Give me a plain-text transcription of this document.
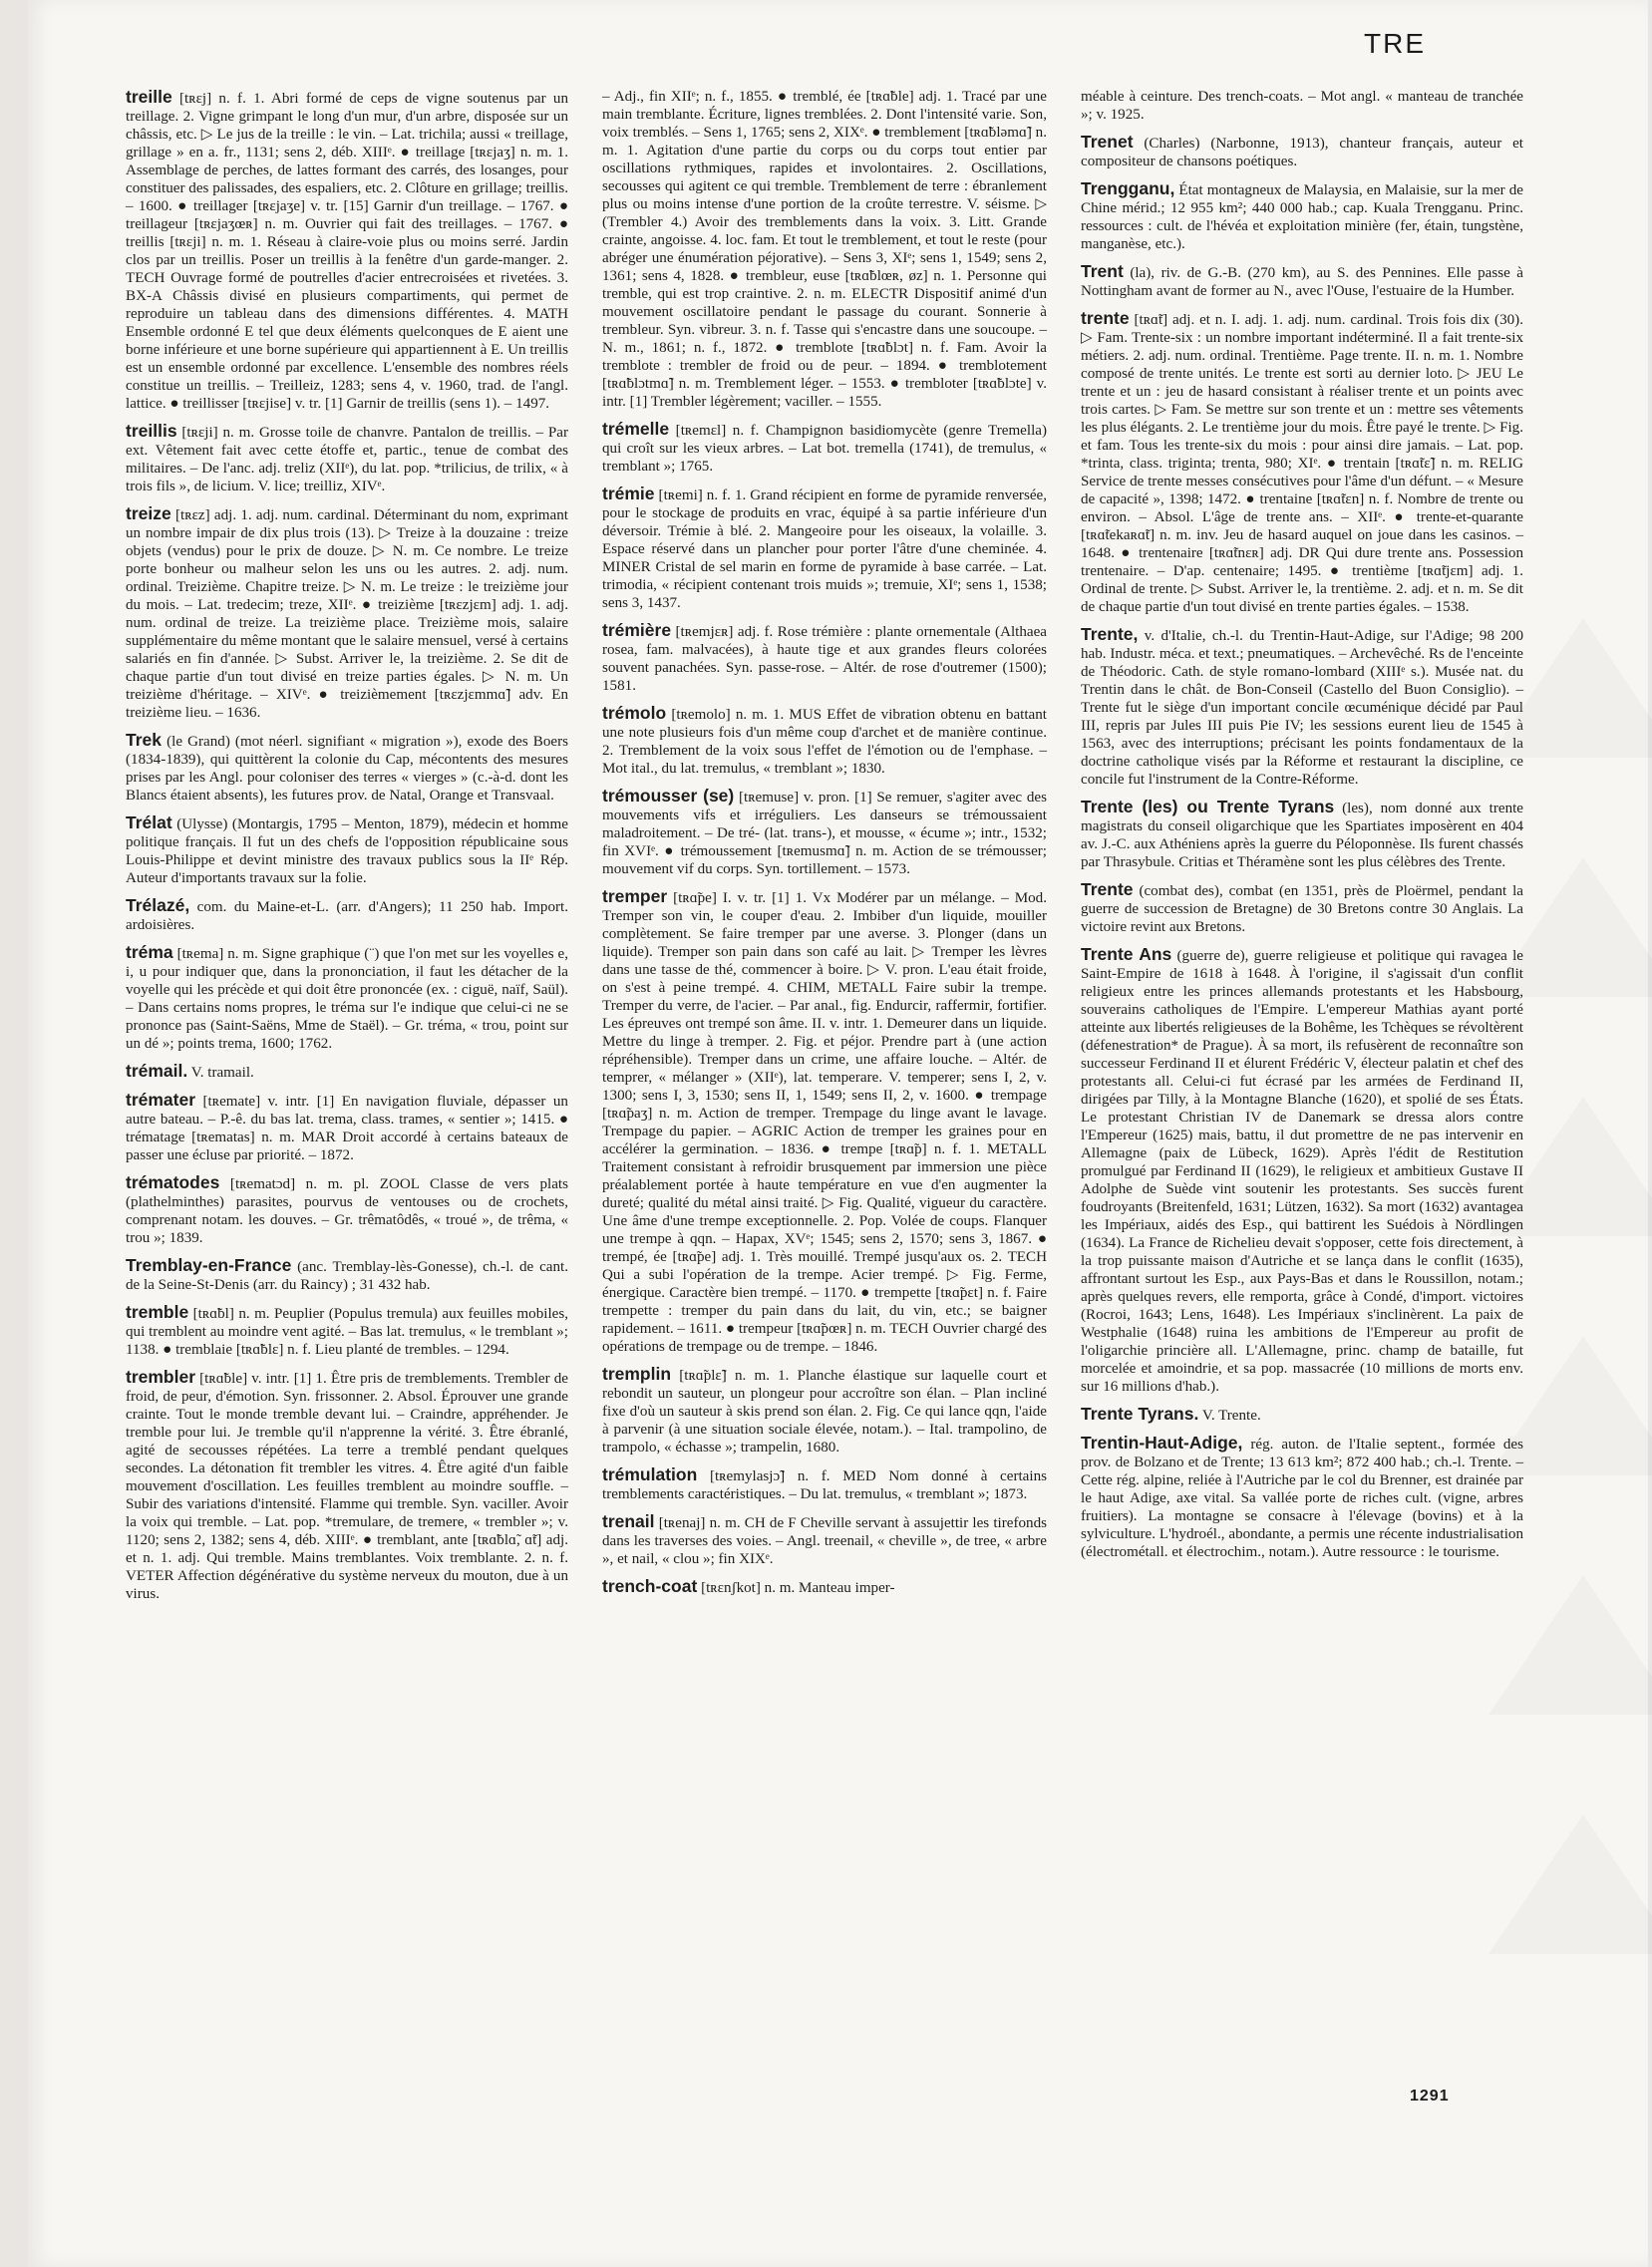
TRE

treille [tʀɛj] n. f. 1. Abri formé de ceps de vigne soutenus par un treillage. 2. Vigne grimpant le long d'un mur, d'un arbre, disposée sur un châssis, etc. ▷ Le jus de la treille : le vin. – Lat. trichila; aussi « treillage, grillage » en a. fr., 1131; sens 2, déb. XIIIᵉ. ● treillage [tʀɛjaʒ] n. m. 1. Assemblage de perches, de lattes formant des carrés, des losanges, pour constituer des palissades, des espaliers, etc. 2. Clôture en grillage; treillis. – 1600. ● treillager [tʀɛjaʒe] v. tr. [15] Garnir d'un treillage. – 1767. ● treillageur [tʀɛjaʒœʀ] n. m. Ouvrier qui fait des treillages. – 1767. ● treillis [tʀɛji] n. m. 1. Réseau à claire-voie plus ou moins serré. Jardin clos par un treillis. Poser un treillis à la fenêtre d'un garde-manger. 2. TECH Ouvrage formé de poutrelles d'acier entrecroisées et rivetées. 3. BX-A Châssis divisé en plusieurs compartiments, qui permet de reproduire un tableau dans des dimensions différentes. 4. MATH Ensemble ordonné E tel que deux éléments quelconques de E aient une borne inférieure et une borne supérieure qui appartiennent à E. Un treillis est un ensemble ordonné par excellence. L'ensemble des nombres réels constitue un treillis. – Treilleiz, 1283; sens 4, v. 1960, trad. de l'angl. lattice. ● treillisser [tʀɛjise] v. tr. [1] Garnir de treillis (sens 1). – 1497.

treillis [tʀɛji] n. m. Grosse toile de chanvre. Pantalon de treillis. – Par ext. Vêtement fait avec cette étoffe et, partic., tenue de combat des militaires. – De l'anc. adj. treliz (XIIᵉ), du lat. pop. *trilicius, de trilix, « à trois fils », de licium. V. lice; treilliz, XIVᵉ.

treize [tʀɛz] adj. 1. adj. num. cardinal. Déterminant du nom, exprimant un nombre impair de dix plus trois (13). ▷ Treize à la douzaine : treize objets (vendus) pour le prix de douze. ▷ N. m. Ce nombre. Le treize porte bonheur ou malheur selon les uns ou les autres. 2. adj. num. ordinal. Treizième. Chapitre treize. ▷ N. m. Le treize : le treizième jour du mois. – Lat. tredecim; treze, XIIᵉ. ● treizième [tʀɛzjɛm] adj. 1. adj. num. ordinal de treize. La treizième place. Treizième mois, salaire supplémentaire du même montant que le salaire mensuel, versé à certains salariés en fin d'année. ▷ Subst. Arriver le, la treizième. 2. Se dit de chaque partie d'un tout divisé en treize parties égales. ▷ N. m. Un treizième d'héritage. – XIVᵉ. ● treizièmement [tʀɛzjɛmmɑ̃] adv. En treizième lieu. – 1636.

Trek (le Grand) (mot néerl. signifiant « migration »), exode des Boers (1834-1839), qui quittèrent la colonie du Cap, mécontents des mesures prises par les Angl. pour coloniser des terres « vierges » (c.-à-d. dont les Blancs étaient absents), les futures prov. de Natal, Orange et Transvaal.

Trélat (Ulysse) (Montargis, 1795 – Menton, 1879), médecin et homme politique français. Il fut un des chefs de l'opposition républicaine sous Louis-Philippe et devint ministre des travaux publics sous la IIᵉ Rép. Auteur d'importants travaux sur la folie.

Trélazé, com. du Maine-et-L. (arr. d'Angers); 11 250 hab. Import. ardoisières.

tréma [tʀema] n. m. Signe graphique (¨) que l'on met sur les voyelles e, i, u pour indiquer que, dans la prononciation, il faut les détacher de la voyelle qui les précède et qui doit être prononcée (ex. : ciguë, naïf, Saül). – Dans certains noms propres, le tréma sur l'e indique que celui-ci ne se prononce pas (Saint-Saëns, Mme de Staël). – Gr. tréma, « trou, point sur un dé »; points trema, 1600; 1762.

trémail. V. tramail.

trémater [tʀemate] v. intr. [1] En navigation fluviale, dépasser un autre bateau. – P.-ê. du bas lat. trema, class. trames, « sentier »; 1415. ● trématage [tʀematas] n. m. MAR Droit accordé à certains bateaux de passer une écluse par priorité. – 1872.

trématodes [tʀematɔd] n. m. pl. ZOOL Classe de vers plats (plathelminthes) parasites, pourvus de ventouses ou de crochets, comprenant notam. les douves. – Gr. trêmatôdês, « troué », de trêma, « trou »; 1839.

Tremblay-en-France (anc. Tremblay-lès-Gonesse), ch.-l. de cant. de la Seine-St-Denis (arr. du Raincy) ; 31 432 hab.

tremble [tʀɑ̃bl] n. m. Peuplier (Populus tremula) aux feuilles mobiles, qui tremblent au moindre vent agité. – Bas lat. tremulus, « le tremblant »; 1138. ● tremblaie [tʀɑ̃blɛ] n. f. Lieu planté de trembles. – 1294.

trembler [tʀɑ̃ble] v. intr. [1] 1. Être pris de tremblements. Trembler de froid, de peur, d'émotion. Syn. frissonner. 2. Absol. Éprouver une grande crainte. Tout le monde tremble devant lui. – Craindre, appréhender. Je tremble pour lui. Je tremble qu'il n'apprenne la vérité. 3. Être ébranlé, agité de secousses répétées. La terre a tremblé pendant quelques secondes. La détonation fit trembler les vitres. 4. Être agité d'un faible mouvement d'oscillation. Les feuilles tremblent au moindre souffle. – Subir des variations d'intensité. Flamme qui tremble. Syn. vaciller. Avoir la voix qui tremble. – Lat. pop. *tremulare, de tremere, « trembler »; v. 1120; sens 2, 1382; sens 4, déb. XIIIᵉ. ● tremblant, ante [tʀɑ̃blɑ̃, ɑ̃t] adj. et n. 1. adj. Qui tremble. Mains tremblantes. Voix tremblante. 2. n. f. VETER Affection dégénérative du système nerveux du mouton, due à un virus.

– Adj., fin XIIᵉ; n. f., 1855. ● tremblé, ée [tʀɑ̃ble] adj. 1. Tracé par une main tremblante. Écriture, lignes tremblées. 2. Dont l'intensité varie. Son, voix tremblés. – Sens 1, 1765; sens 2, XIXᵉ. ● tremblement [tʀɑ̃bləmɑ̃] n. m. 1. Agitation d'une partie du corps ou du corps tout entier par oscillations rythmiques, rapides et involontaires. 2. Oscillations, secousses qui agitent ce qui tremble. Tremblement de terre : ébranlement plus ou moins intense d'une portion de la croûte terrestre. V. séisme. ▷ (Trembler 4.) Avoir des tremblements dans la voix. 3. Litt. Grande crainte, angoisse. 4. loc. fam. Et tout le tremblement, et tout le reste (pour abréger une énumération péjorative). – Sens 3, XIᵉ; sens 1, 1549; sens 2, 1361; sens 4, 1828. ● trembleur, euse [tʀɑ̃blœʀ, øz] n. 1. Personne qui tremble, qui est trop craintive. 2. n. m. ELECTR Dispositif animé d'un mouvement oscillatoire pendant le passage du courant. Sonnerie à trembleur. Syn. vibreur. 3. n. f. Tasse qui s'encastre dans une soucoupe. – N. m., 1861; n. f., 1872. ● tremblote [tʀɑ̃blɔt] n. f. Fam. Avoir la tremblote : trembler de froid ou de peur. – 1894. ● tremblotement [tʀɑ̃blɔtmɑ̃] n. m. Tremblement léger. – 1553. ● trembloter [tʀɑ̃blɔte] v. intr. [1] Trembler légèrement; vaciller. – 1555.

trémelle [tʀemɛl] n. f. Champignon basidiomycète (genre Tremella) qui croît sur les vieux arbres. – Lat bot. tremella (1741), de tremulus, « tremblant »; 1765.

trémie [tʀemi] n. f. 1. Grand récipient en forme de pyramide renversée, pour le stockage de produits en vrac, équipé à sa partie inférieure d'un déversoir. Trémie à blé. 2. Mangeoire pour les oiseaux, la volaille. 3. Espace réservé dans un plancher pour porter l'âtre d'une cheminée. 4. MINER Cristal de sel marin en forme de pyramide à base carrée. – Lat. trimodia, « récipient contenant trois muids »; tremuie, XIᵉ; sens 1, 1538; sens 3, 1437.

trémière [tʀemjɛʀ] adj. f. Rose trémière : plante ornementale (Althaea rosea, fam. malvacées), à haute tige et aux grandes fleurs colorées souvent panachées. Syn. passe-rose. – Altér. de rose d'outremer (1500); 1581.

trémolo [tʀemolo] n. m. 1. MUS Effet de vibration obtenu en battant une note plusieurs fois d'un même coup d'archet et de manière continue. 2. Tremblement de la voix sous l'effet de l'émotion ou de l'emphase. – Mot ital., du lat. tremulus, « tremblant »; 1830.

trémousser (se) [tʀemuse] v. pron. [1] Se remuer, s'agiter avec des mouvements vifs et irréguliers. Les danseurs se trémoussaient maladroitement. – De tré- (lat. trans-), et mousse, « écume »; intr., 1532; fin XVIᵉ. ● trémoussement [tʀemusmɑ̃] n. m. Action de se trémousser; mouvement vif du corps. Syn. tortillement. – 1573.

tremper [tʀɑ̃pe] I. v. tr. [1] 1. Vx Modérer par un mélange. – Mod. Tremper son vin, le couper d'eau. 2. Imbiber d'un liquide, mouiller complètement. Se faire tremper par une averse. 3. Plonger (dans un liquide). Tremper son pain dans son café au lait. ▷ Tremper les lèvres dans une tasse de thé, commencer à boire. ▷ V. pron. L'eau était froide, on s'est à peine trempé. 4. CHIM, METALL Faire subir la trempe. Tremper du verre, de l'acier. – Par anal., fig. Endurcir, raffermir, fortifier. Les épreuves ont trempé son âme. II. v. intr. 1. Demeurer dans un liquide. Mettre du linge à tremper. 2. Fig. et péjor. Prendre part à (une action répréhensible). Tremper dans un crime, une affaire louche. – Altér. de temprer, « mélanger » (XIIᵉ), lat. temperare. V. temperer; sens I, 2, v. 1300; sens I, 3, 1530; sens II, 1, 1549; sens II, 2, v. 1600. ● trempage [tʀɑ̃paʒ] n. m. Action de tremper. Trempage du linge avant le lavage. Trempage du papier. – AGRIC Action de tremper les graines pour en accélérer la germination. – 1836. ● trempe [tʀɑ̃p] n. f. 1. METALL Traitement consistant à refroidir brusquement par immersion une pièce préalablement portée à haute température en vue d'en augmenter la dureté; qualité du métal ainsi traité. ▷ Fig. Qualité, vigueur du caractère. Une âme d'une trempe exceptionnelle. 2. Pop. Volée de coups. Flanquer une trempe à qqn. – Hapax, XVᵉ; 1545; sens 2, 1570; sens 3, 1867. ● trempé, ée [tʀɑ̃pe] adj. 1. Très mouillé. Trempé jusqu'aux os. 2. TECH Qui a subi l'opération de la trempe. Acier trempé. ▷ Fig. Ferme, énergique. Caractère bien trempé. – 1170. ● trempette [tʀɑ̃pɛt] n. f. Faire trempette : tremper du pain dans du lait, du vin, etc.; se baigner rapidement. – 1611. ● trempeur [tʀɑ̃pœʀ] n. m. TECH Ouvrier chargé des opérations de trempage ou de trempe. – 1846.

tremplin [tʀɑ̃plɛ̃] n. m. 1. Planche élastique sur laquelle court et rebondit un sauteur, un plongeur pour accroître son élan. – Plan incliné fixe d'où un sauteur à skis prend son élan. 2. Fig. Ce qui lance qqn, l'aide à parvenir (à une situation sociale élevée, notam.). – Ital. trampolino, de trampolo, « échasse »; trampelin, 1680.

trémulation [tʀemylasjɔ̃] n. f. MED Nom donné à certains tremblements caractéristiques. – Du lat. tremulus, « tremblant »; 1873.

trenail [tʀenaj] n. m. CH de F Cheville servant à assujettir les tirefonds dans les traverses des voies. – Angl. treenail, « cheville », de tree, « arbre », et nail, « clou »; fin XIXᵉ.

trench-coat [tʀɛnʃkot] n. m. Manteau imper-

méable à ceinture. Des trench-coats. – Mot angl. « manteau de tranchée »; v. 1925.

Trenet (Charles) (Narbonne, 1913), chanteur français, auteur et compositeur de chansons poétiques.

Trengganu, État montagneux de Malaysia, en Malaisie, sur la mer de Chine mérid.; 12 955 km²; 440 000 hab.; cap. Kuala Trengganu. Princ. ressources : cult. de l'hévéa et exploitation minière (fer, étain, tungstène, manganèse, etc.).

Trent (la), riv. de G.-B. (270 km), au S. des Pennines. Elle passe à Nottingham avant de former au N., avec l'Ouse, l'estuaire de la Humber.

trente [tʀɑ̃t] adj. et n. I. adj. 1. adj. num. cardinal. Trois fois dix (30). ▷ Fam. Trente-six : un nombre important indéterminé. Il a fait trente-six métiers. 2. adj. num. ordinal. Trentième. Page trente. II. n. m. 1. Nombre composé de trente unités. Le trente est sorti au dernier loto. ▷ JEU Le trente et un : jeu de hasard consistant à réaliser trente et un points avec trois cartes. ▷ Fam. Se mettre sur son trente et un : mettre ses vêtements les plus élégants. 2. Le trentième jour du mois. Être payé le trente. ▷ Fig. et fam. Tous les trente-six du mois : pour ainsi dire jamais. – Lat. pop. *trinta, class. triginta; trenta, 980; XIᵉ. ● trentain [tʀɑ̃tɛ̃] n. m. RELIG Service de trente messes consécutives pour l'âme d'un défunt. – « Mesure de capacité », 1398; 1472. ● trentaine [tʀɑ̃tɛn] n. f. Nombre de trente ou environ. – Absol. L'âge de trente ans. – XIIᵉ. ● trente-et-quarante [tʀɑ̃tekaʀɑ̃t] n. m. inv. Jeu de hasard auquel on joue dans les casinos. – 1648. ● trentenaire [tʀɑ̃tnɛʀ] adj. DR Qui dure trente ans. Possession trentenaire. – D'ap. centenaire; 1495. ● trentième [tʀɑ̃tjɛm] adj. 1. Ordinal de trente. ▷ Subst. Arriver le, la trentième. 2. adj. et n. m. Se dit de chaque partie d'un tout divisé en trente parties égales. – 1538.

Trente, v. d'Italie, ch.-l. du Trentin-Haut-Adige, sur l'Adige; 98 200 hab. Industr. méca. et text.; pneumatiques. – Archevêché. Rs de l'enceinte de Théodoric. Cath. de style romano-lombard (XIIIᵉ s.). Musée nat. du Trentin dans le chât. de Bon-Conseil (Castello del Buon Consiglio). – Trente fut le siège d'un important concile œcuménique décidé par Paul III, repris par Jules III puis Pie IV; les sessions eurent lieu de 1545 à 1563, avec des interruptions; précisant les points fondamentaux de la doctrine catholique visés par la Réforme et restaurant la discipline, ce concile fut l'instrument de la Contre-Réforme.

Trente (les) ou Trente Tyrans (les), nom donné aux trente magistrats du conseil oligarchique que les Spartiates imposèrent en 404 av. J.-C. aux Athéniens après la guerre du Péloponnèse. Ils furent chassés par Thrasybule. Critias et Théramène sont les plus célèbres des Trente.

Trente (combat des), combat (en 1351, près de Ploërmel, pendant la guerre de succession de Bretagne) de 30 Bretons contre 30 Anglais. La victoire revint aux Bretons.

Trente Ans (guerre de), guerre religieuse et politique qui ravagea le Saint-Empire de 1618 à 1648. À l'origine, il s'agissait d'un conflit religieux entre les princes allemands protestants et les Habsbourg, souverains catholiques de l'Empire. L'empereur Mathias ayant porté atteinte aux libertés religieuses de la Bohême, les Tchèques se révoltèrent (défenestration* de Prague). À sa mort, ils refusèrent de reconnaître son successeur Ferdinand II et élurent Frédéric V, électeur palatin et chef des protestants all. Celui-ci fut écrasé par les armées de Ferdinand II, dirigées par Tilly, à la Montagne Blanche (1620), et spolié de ses États. Le protestant Christian IV de Danemark se dressa alors contre l'Empereur (1625) mais, battu, il dut promettre de ne pas intervenir en Allemagne (paix de Lübeck, 1629). Après l'édit de Restitution promulgué par Ferdinand II (1629), le religieux et ambitieux Gustave II Adolphe de Suède vint soutenir les protestants. Ses succès furent foudroyants (Breitenfeld, 1631; Lützen, 1632). Sa mort (1632) avantagea les Impériaux, aidés des Esp., qui battirent les Suédois à Nördlingen (1634). La France de Richelieu devait s'opposer, cette fois directement, à la trop puissante maison d'Autriche et se lança dans le conflit (1635), affrontant surtout les Esp., aux Pays-Bas et dans le Roussillon, notam.; après quelques revers, elle remporta, grâce à Condé, d'import. victoires (Rocroi, 1643; Lens, 1648). Les Impériaux s'inclinèrent. La paix de Westphalie (1648) ruina les ambitions de l'Empereur au profit de l'oligarchie princière all. L'Allemagne, princ. champ de bataille, fut morcelée et amoindrie, et sa pop. massacrée (10 millions de morts env. sur 16 millions d'hab.).

Trente Tyrans. V. Trente.

Trentin-Haut-Adige, rég. auton. de l'Italie septent., formée des prov. de Bolzano et de Trente; 13 613 km²; 872 400 hab.; ch.-l. Trente. – Cette rég. alpine, reliée à l'Autriche par le col du Brenner, est drainée par le haut Adige, axe vital. Sa vallée porte de riches cult. (vigne, arbres fruitiers). La montagne se consacre à l'élevage (bovins) et à la sylviculture. L'hydroél., abondante, a permis une récente industrialisation (électrométall. et électrochim., notam.). Autre ressource : le tourisme.

1291
